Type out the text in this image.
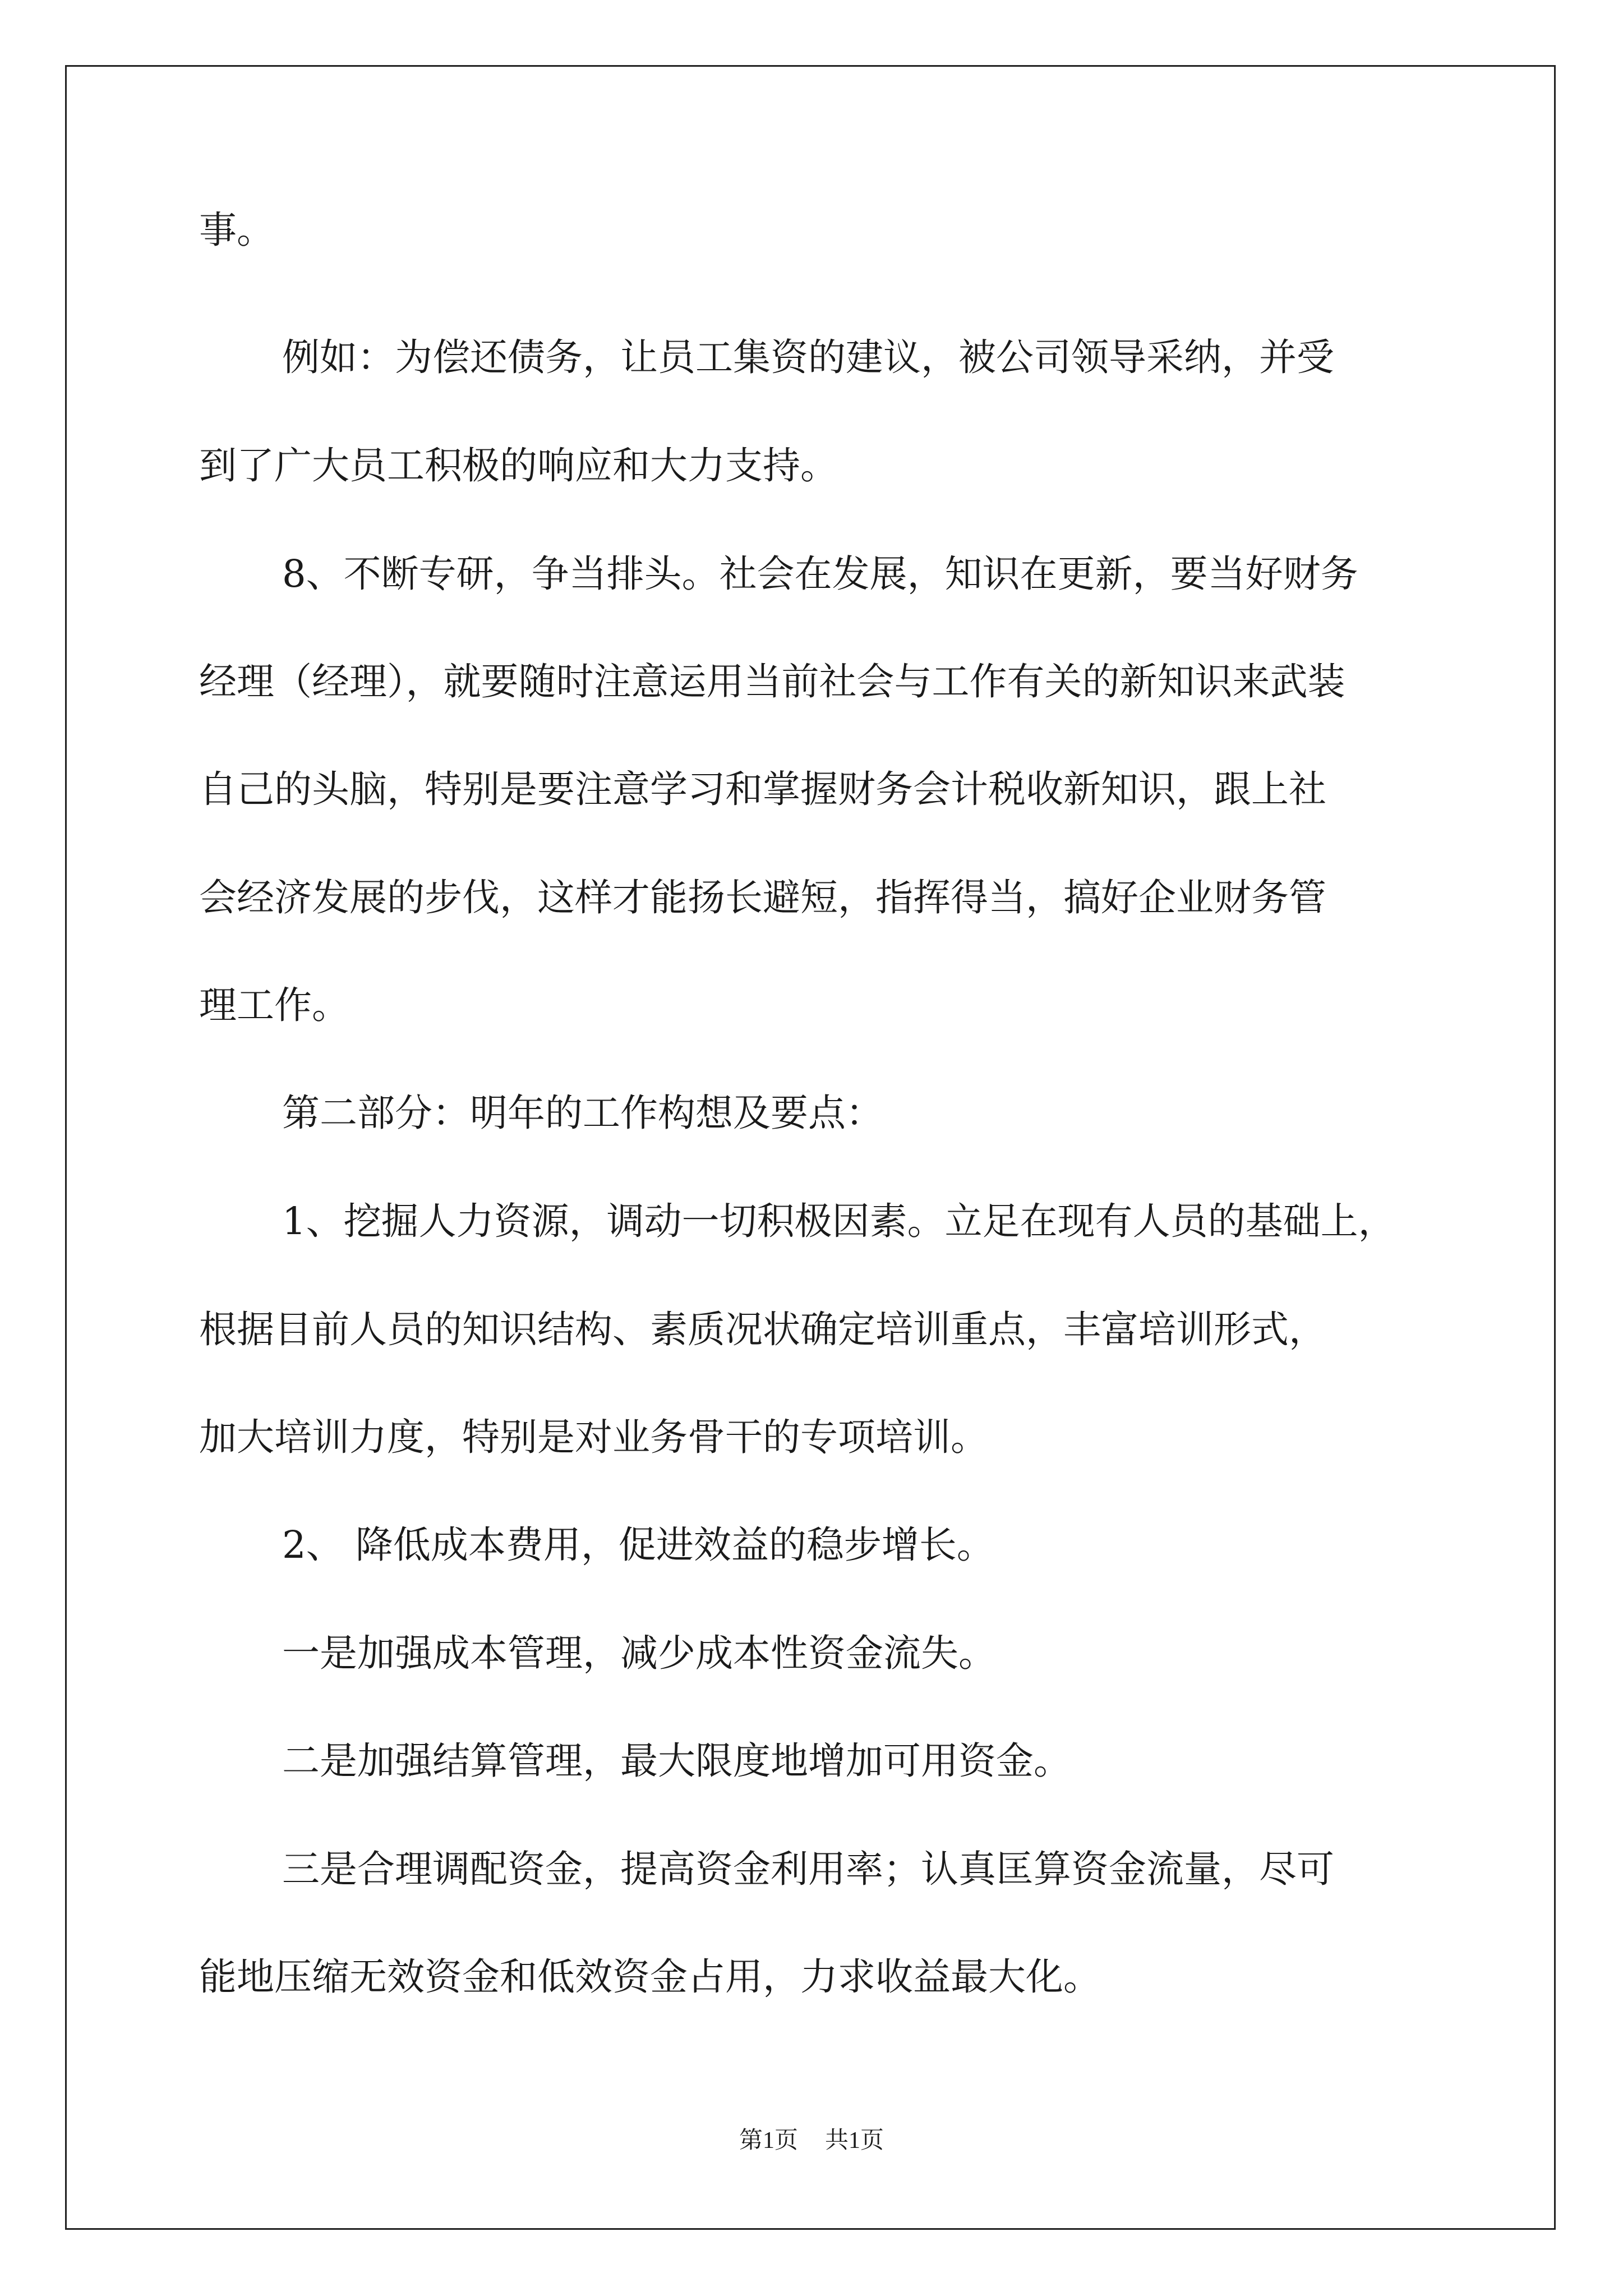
事。
例如：为偿还债务，让员工集资的建议，被公司领导采纳，并受
到了广大员工积极的响应和大力支持。
8、不断专研，争当排头。社会在发展，知识在更新，要当好财务
经理（经理），就要随时注意运用当前社会与工作有关的新知识来武装
自己的头脑，特别是要注意学习和掌握财务会计税收新知识，跟上社
会经济发展的步伐，这样才能扬长避短，指挥得当，搞好企业财务管
理工作。
第二部分：明年的工作构想及要点：
1、挖掘人力资源，调动一切积极因素。立足在现有人员的基础上，
根据目前人员的知识结构、素质况状确定培训重点，丰富培训形式，
加大培训力度，特别是对业务骨干的专项培训。
2、 降低成本费用，促进效益的稳步增长。
一是加强成本管理，减少成本性资金流失。
二是加强结算管理，最大限度地增加可用资金。
三是合理调配资金，提高资金利用率；认真匡算资金流量，尽可
能地压缩无效资金和低效资金占用，力求收益最大化。
第1页 共1页
